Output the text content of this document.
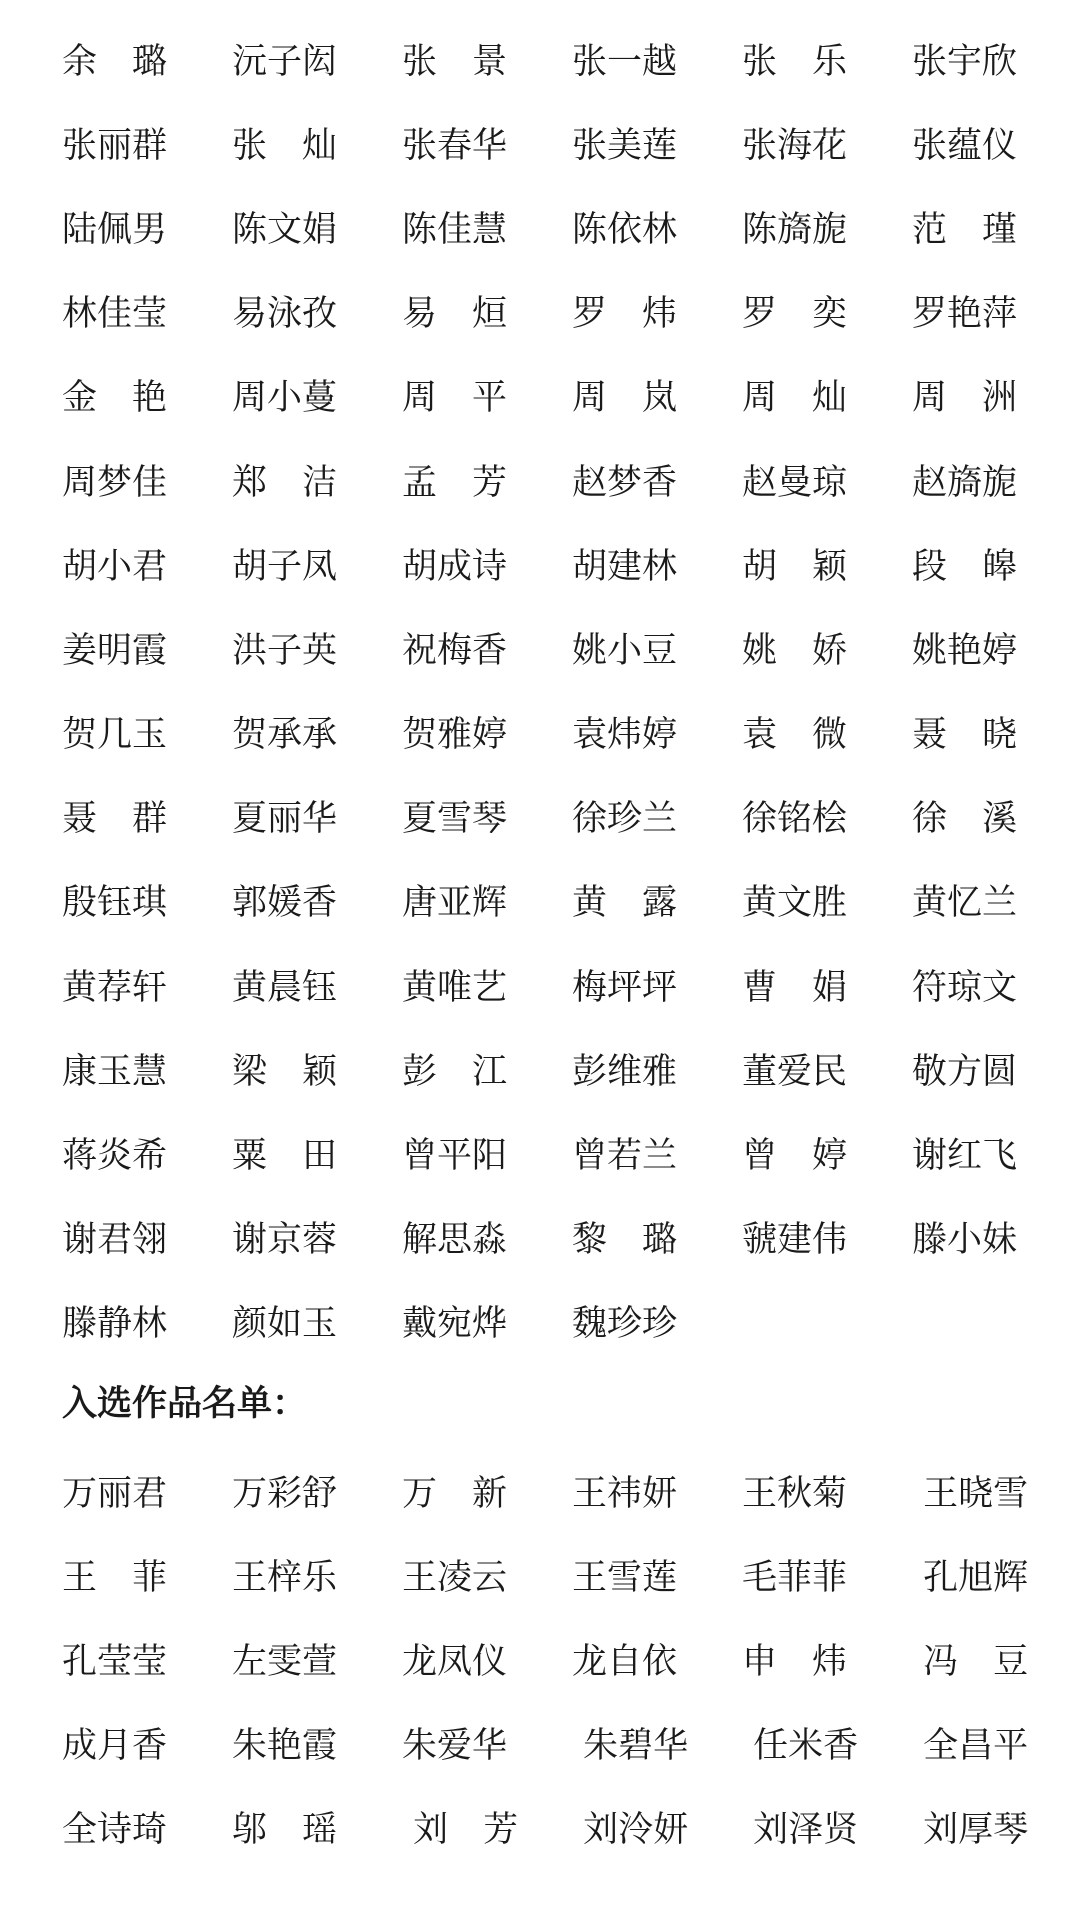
余　璐	沅子闳	张　景	张一越	张　乐	张宇欣
张丽群	张　灿	张春华	张美莲	张海花	张蕴仪
陆佩男	陈文娟	陈佳慧	陈依林	陈旖旎	范　瑾
林佳莹	易泳孜	易　烜	罗　炜	罗　奕	罗艳萍
金　艳	周小蔓	周　平	周　岚	周　灿	周　洲
周梦佳	郑　洁	孟　芳	赵梦香	赵曼琼	赵旖旎
胡小君	胡子凤	胡成诗	胡建林	胡　颖	段　皞
姜明霞	洪子英	祝梅香	姚小豆	姚　娇	姚艳婷
贺几玉	贺承承	贺雅婷	袁炜婷	袁　微	聂　晓
聂　群	夏丽华	夏雪琴	徐珍兰	徐铭桧	徐　溪
殷钰琪	郭媛香	唐亚辉	黄　露	黄文胜	黄忆兰
黄荐轩	黄晨钰	黄唯艺	梅坪坪	曹　娟	符琼文
康玉慧	梁　颖	彭　江	彭维雅	董爱民	敬方圆
蒋炎希	粟　田	曾平阳	曾若兰	曾　婷	谢红飞
谢君翎	谢京蓉	解思淼	黎　璐	虢建伟	滕小妹
滕静林	颜如玉	戴宛烨	魏珍珍
入选作品名单：
万丽君	万彩舒	万　新	王祎妍	王秋菊	王晓雪
王　菲	王梓乐	王凌云	王雪莲	毛菲菲	孔旭辉
孔莹莹	左雯萱	龙凤仪	龙自依	申　炜	冯　豆
成月香	朱艳霞	朱爱华	朱碧华	任米香	全昌平
全诗琦	邬　瑶	刘　芳	刘泠妍	刘泽贤	刘厚琴
